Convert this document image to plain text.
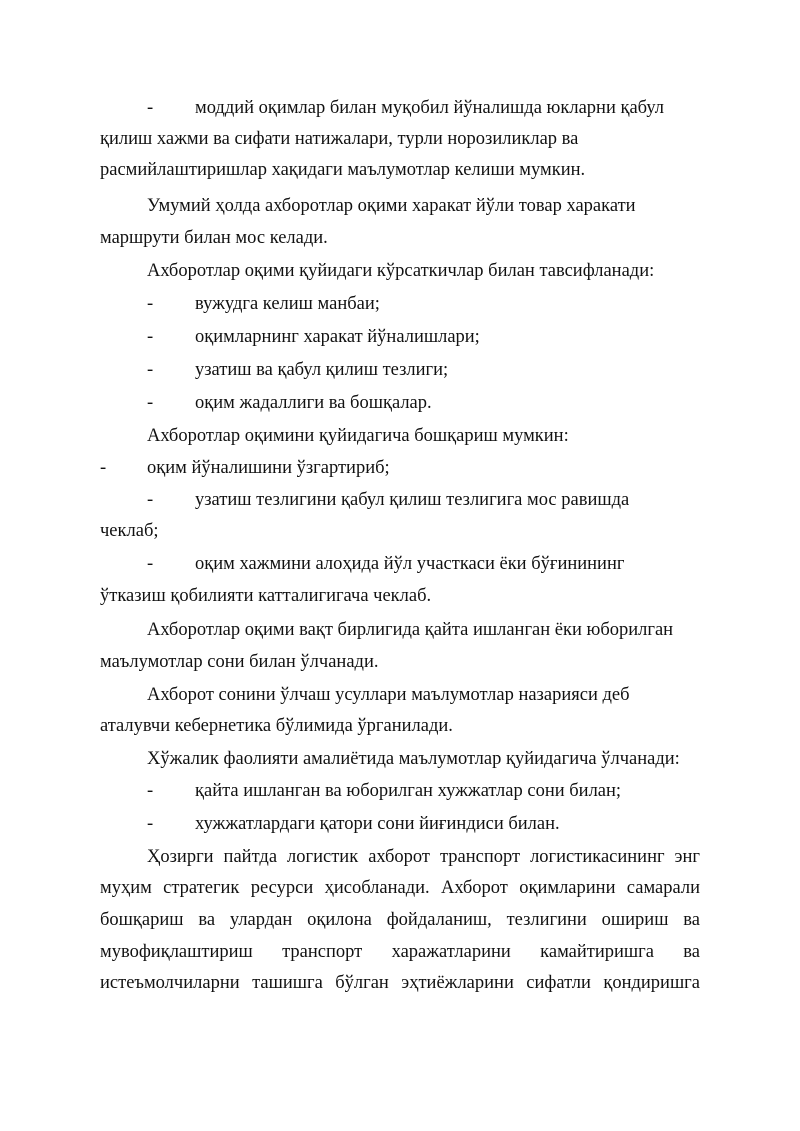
- моддий оқимлар билан муқобил йўналишда юкларни қабул
қилиш хажми ва сифати натижалари, турли норозиликлар ва
расмийлаштиришлар хақидаги маълумотлар келиши мумкин.
Умумий ҳолда ахборотлар оқими харакат йўли товар харакати
маршрути билан мос келади.
Ахборотлар оқими қуйидаги кўрсаткичлар билан тавсифланади:
- вужудга келиш манбаи;
- оқимларнинг харакат йўналишлари;
- узатиш ва қабул қилиш тезлиги;
- оқим жадаллиги ва бошқалар.
Ахборотлар оқимини қуйидагича бошқариш мумкин:
- оқим йўналишини ўзгартириб;
- узатиш тезлигини қабул қилиш тезлигига мос равишда
чеклаб;
- оқим хажмини алоҳида йўл участкаси ёки бўғинининг
ўтказиш қобилияти катталигигача чеклаб.
Ахборотлар оқими вақт бирлигида қайта ишланган ёки юборилган
маълумотлар сони билан ўлчанади.
Ахборот сонини ўлчаш усуллари маълумотлар назарияси деб
аталувчи кебернетика бўлимида ўрганилади.
Хўжалик фаолияти амалиётида маълумотлар қуйидагича ўлчанади:
- қайта ишланган ва юборилган хужжатлар сони билан;
- хужжатлардаги қатори сони йиғиндиси билан.
Ҳозирги пайтда логистик ахборот транспорт логистикасининг энг
муҳим стратегик ресурси ҳисобланади. Ахборот оқимларини самарали
бошқариш ва улардан оқилона фойдаланиш, тезлигини ошириш ва
мувофиқлаштириш транспорт харажатларини камайтиришга ва
истеъмолчиларни ташишга бўлган эҳтиёжларини сифатли қондиришга
